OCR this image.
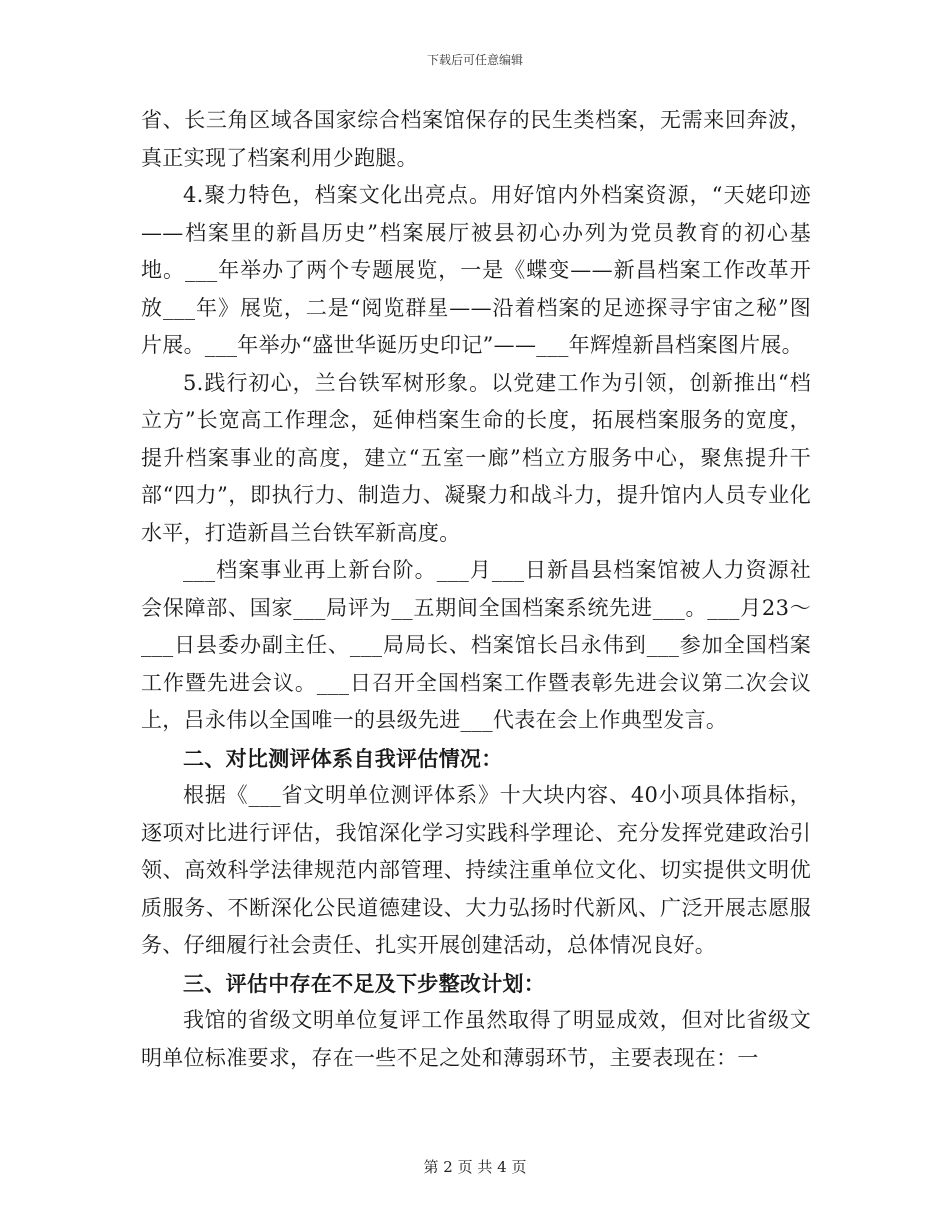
下载后可任意编辑

省、长三角区域各国家综合档案馆保存的民生类档案，无需来回奔波，真正实现了档案利用少跑腿。

4.聚力特色，档案文化出亮点。用好馆内外档案资源，“天姥印迹——档案里的新昌历史”档案展厅被县初心办列为党员教育的初心基地。___年举办了两个专题展览，一是《蝶变——新昌档案工作改革开放___年》展览，二是“阅览群星——沿着档案的足迹探寻宇宙之秘”图片展。___年举办“盛世华诞历史印记”——___年辉煌新昌档案图片展。

5.践行初心，兰台铁军树形象。以党建工作为引领，创新推出“档立方”长宽高工作理念，延伸档案生命的长度，拓展档案服务的宽度，提升档案事业的高度，建立“五室一廊”档立方服务中心，聚焦提升干部“四力”，即执行力、制造力、凝聚力和战斗力，提升馆内人员专业化水平，打造新昌兰台铁军新高度。

___档案事业再上新台阶。___月___日新昌县档案馆被人力资源社会保障部、国家___局评为__五期间全国档案系统先进___。___月23～___日县委办副主任、___局局长、档案馆长吕永伟到___参加全国档案工作暨先进会议。___日召开全国档案工作暨表彰先进会议第二次会议上，吕永伟以全国唯一的县级先进___代表在会上作典型发言。

二、对比测评体系自我评估情况：

根据《___省文明单位测评体系》十大块内容、40小项具体指标，逐项对比进行评估，我馆深化学习实践科学理论、充分发挥党建政治引领、高效科学法律规范内部管理、持续注重单位文化、切实提供文明优质服务、不断深化公民道德建设、大力弘扬时代新风、广泛开展志愿服务、仔细履行社会责任、扎实开展创建活动，总体情况良好。

三、评估中存在不足及下步整改计划：

我馆的省级文明单位复评工作虽然取得了明显成效，但对比省级文明单位标准要求，存在一些不足之处和薄弱环节，主要表现在：一

第 2 页 共 4 页
